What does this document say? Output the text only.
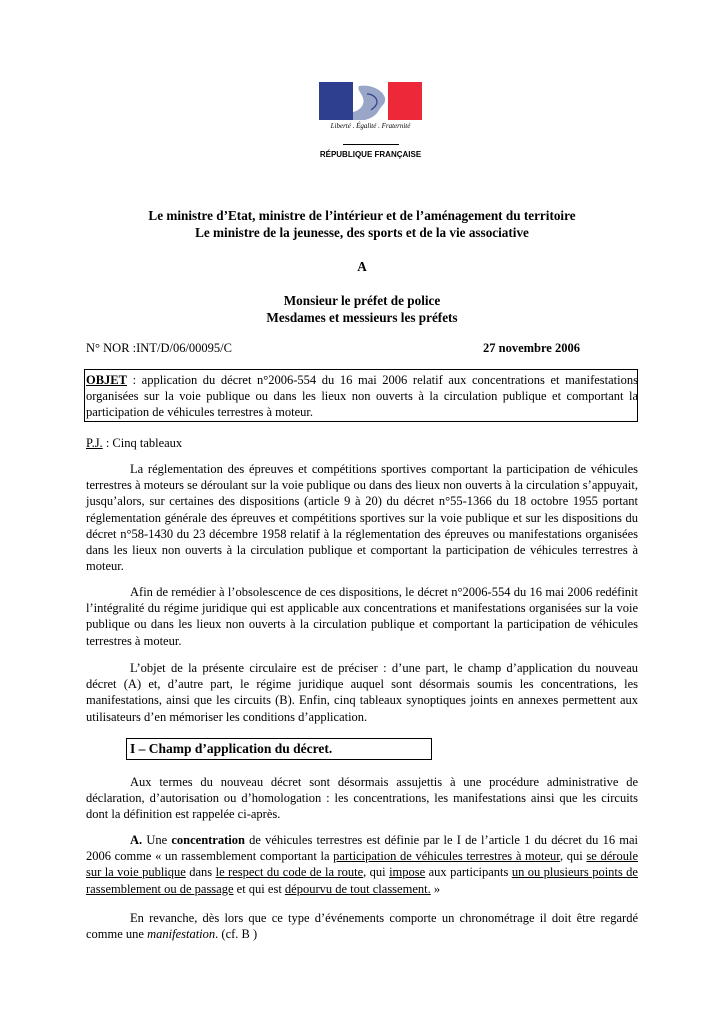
Liberté . Égalité . Fraternité
RÉPUBLIQUE FRANÇAISE
Le ministre d’Etat, ministre de l’intérieur et de l’aménagement du territoire
Le ministre de la jeunesse, des sports et de la vie associative
A
Monsieur le préfet de police
Mesdames et messieurs les préfets
N° NOR :INT/D/06/00095/C	27 novembre 2006
OBJET : application du décret n°2006-554 du 16 mai 2006 relatif aux concentrations et manifestations organisées sur la voie publique ou dans les lieux non ouverts à la circulation publique et comportant la participation de véhicules terrestres à moteur.
P.J. : Cinq tableaux
La réglementation des épreuves et compétitions sportives comportant la participation de véhicules terrestres à moteurs se déroulant sur la voie publique ou dans des lieux non ouverts à la circulation s’appuyait, jusqu’alors, sur certaines des dispositions (article 9 à 20) du décret n°55-1366 du 18 octobre 1955 portant réglementation générale des épreuves et compétitions sportives sur la voie publique et sur les dispositions du décret n°58-1430 du 23 décembre 1958 relatif à la réglementation des épreuves ou manifestations organisées dans les lieux non ouverts à la circulation publique et comportant la participation de véhicules terrestres à moteur.
Afin de remédier à l’obsolescence de ces dispositions, le décret n°2006-554 du 16 mai 2006 redéfinit l’intégralité du régime juridique qui est applicable aux concentrations et manifestations organisées sur la voie publique ou dans les lieux non ouverts à la circulation publique et comportant la participation de véhicules terrestres à moteur.
L’objet de la présente circulaire est de préciser : d’une part, le champ d’application du nouveau décret (A) et, d’autre part, le régime juridique auquel sont désormais soumis les concentrations, les manifestations, ainsi que les circuits (B). Enfin, cinq tableaux synoptiques joints en annexes permettent aux utilisateurs d’en mémoriser les conditions d’application.
I – Champ d’application du décret.
Aux termes du nouveau décret sont désormais assujettis à une procédure administrative de déclaration, d’autorisation ou d’homologation : les concentrations, les manifestations ainsi que les circuits dont la définition est rappelée ci-après.
A. Une concentration de véhicules terrestres est définie par le I de l’article 1 du décret du 16 mai 2006 comme « un rassemblement comportant la participation de véhicules terrestres à moteur, qui se déroule sur la voie publique dans le respect du code de la route, qui impose aux participants un ou plusieurs points de rassemblement ou de passage et qui est dépourvu de tout classement. »
En revanche, dès lors que ce type d’événements comporte un chronométrage il doit être regardé comme une manifestation. (cf. B )
